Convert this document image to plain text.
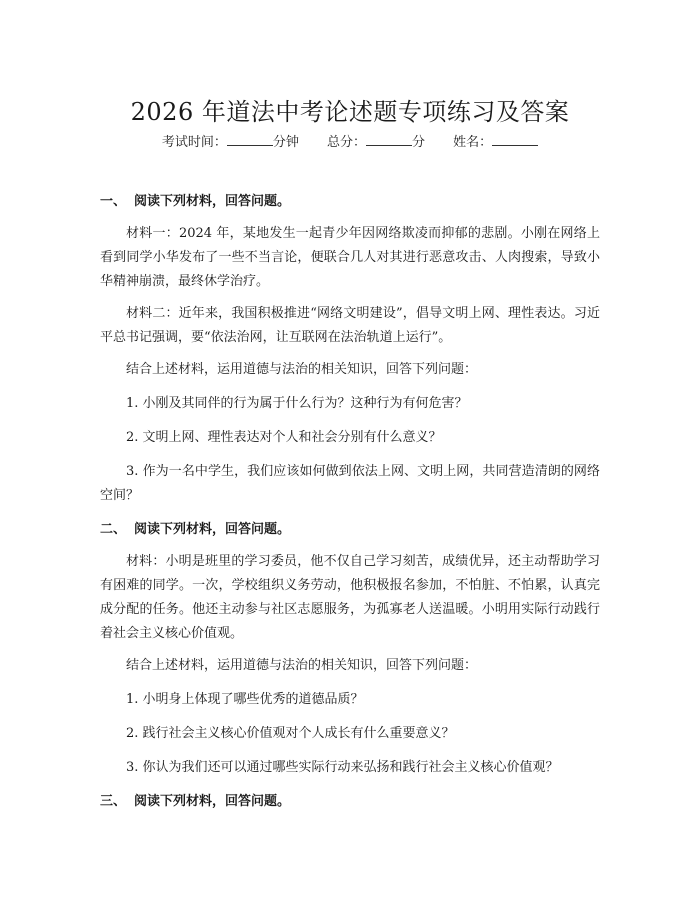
2026 年道法中考论述题专项练习及答案
考试时间：	分钟 总分：	分 姓名：

一、 阅读下列材料，回答问题。

材料一：2024 年，某地发生一起青少年因网络欺凌而抑郁的悲剧。小刚在网络上看到同学小华发布了一些不当言论，便联合几人对其进行恶意攻击、人肉搜索，导致小华精神崩溃，最终休学治疗。

材料二：近年来，我国积极推进“网络文明建设”，倡导文明上网、理性表达。习近平总书记强调，要“依法治网，让互联网在法治轨道上运行”。

结合上述材料，运用道德与法治的相关知识，回答下列问题：

1. 小刚及其同伴的行为属于什么行为？这种行为有何危害？

2. 文明上网、理性表达对个人和社会分别有什么意义？

3. 作为一名中学生，我们应该如何做到依法上网、文明上网，共同营造清朗的网络空间？

二、 阅读下列材料，回答问题。

材料：小明是班里的学习委员，他不仅自己学习刻苦，成绩优异，还主动帮助学习有困难的同学。一次，学校组织义务劳动，他积极报名参加，不怕脏、不怕累，认真完成分配的任务。他还主动参与社区志愿服务，为孤寡老人送温暖。小明用实际行动践行着社会主义核心价值观。

结合上述材料，运用道德与法治的相关知识，回答下列问题：

1. 小明身上体现了哪些优秀的道德品质？

2. 践行社会主义核心价值观对个人成长有什么重要意义？

3. 你认为我们还可以通过哪些实际行动来弘扬和践行社会主义核心价值观？

三、 阅读下列材料，回答问题。
